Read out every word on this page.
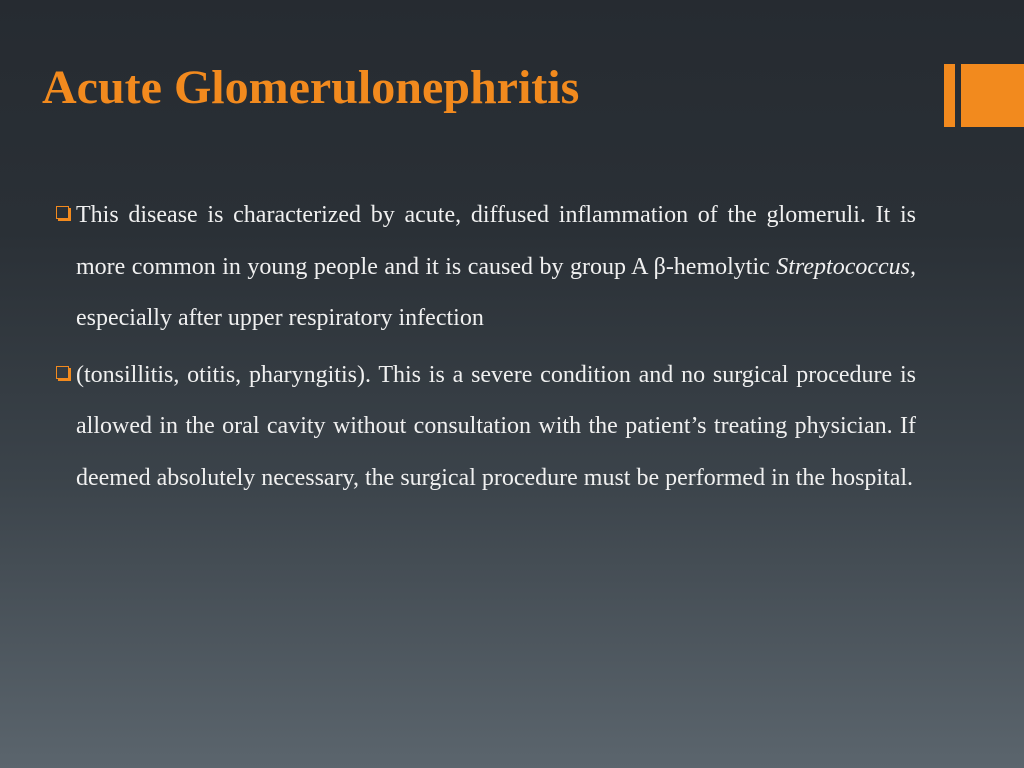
Acute Glomerulonephritis

This disease is characterized by acute, diffused inflammation of the glomeruli. It is more common in young people and it is caused by group A β-hemolytic Streptococcus, especially after upper respiratory infection

(tonsillitis, otitis, pharyngitis). This is a severe condition and no surgical procedure is allowed in the oral cavity without consultation with the patient’s treating physician. If deemed absolutely necessary, the surgical procedure must be performed in the hospital.
